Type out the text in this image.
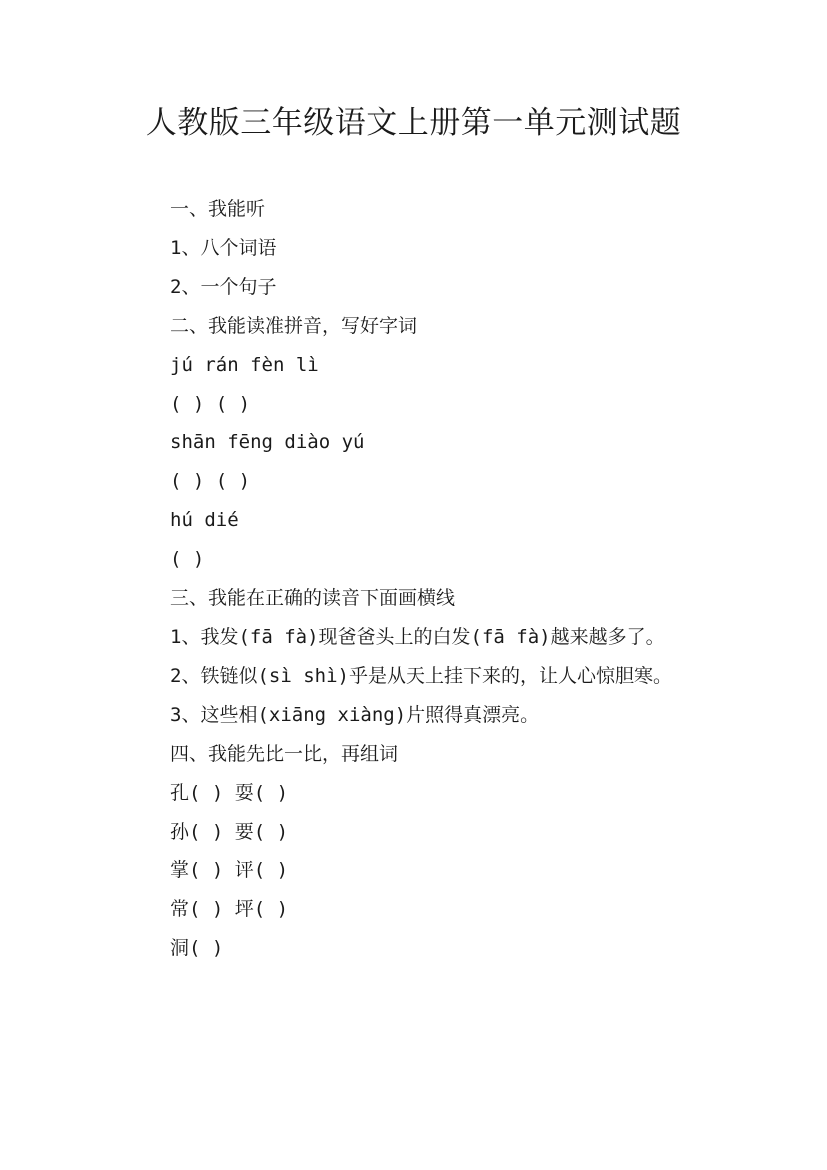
人教版三年级语文上册第一单元测试题

一、我能听

1、八个词语

2、一个句子

二、我能读准拼音，写好字词

jú rán fèn lì

( ) ( )

shān fēng diào yú

( ) ( )

hú dié

( )

三、我能在正确的读音下面画横线

1、我发(fā fà)现爸爸头上的白发(fā fà)越来越多了。

2、铁链似(sì shì)乎是从天上挂下来的，让人心惊胆寒。

3、这些相(xiāng xiàng)片照得真漂亮。

四、我能先比一比，再组词

孔( ) 耍( )

孙( ) 要( )

掌( ) 评( )

常( ) 坪( )

洞( )
